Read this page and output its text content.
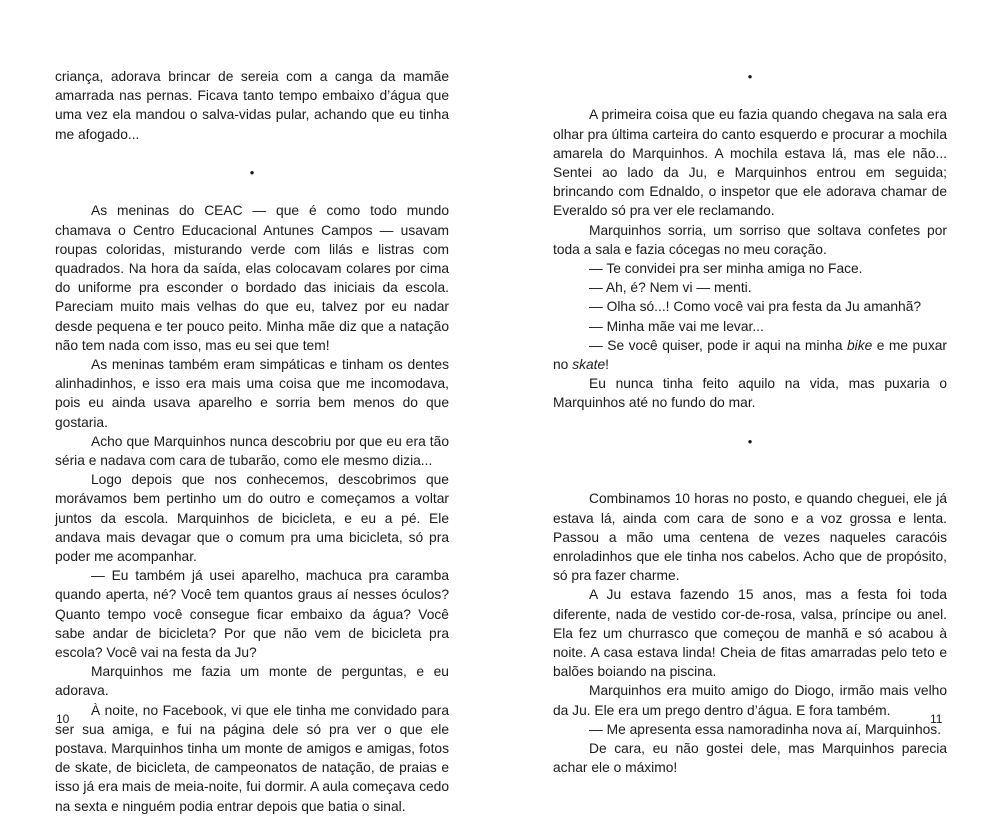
criança, adorava brincar de sereia com a canga da mamãe amarrada nas pernas. Ficava tanto tempo embaixo d’água que uma vez ela mandou o salva-vidas pular, achando que eu tinha me afogado...

•

As meninas do CEAC — que é como todo mundo chamava o Centro Educacional Antunes Campos — usavam roupas coloridas, misturando verde com lilás e listras com quadrados. Na hora da saída, elas colocavam colares por cima do uniforme pra esconder o bordado das iniciais da escola. Pareciam muito mais velhas do que eu, talvez por eu nadar desde pequena e ter pouco peito. Minha mãe diz que a natação não tem nada com isso, mas eu sei que tem!

As meninas também eram simpáticas e tinham os dentes alinhadinhos, e isso era mais uma coisa que me incomodava, pois eu ainda usava aparelho e sorria bem menos do que gostaria.

Acho que Marquinhos nunca descobriu por que eu era tão séria e nadava com cara de tubarão, como ele mesmo dizia...

Logo depois que nos conhecemos, descobrimos que morávamos bem pertinho um do outro e começamos a voltar juntos da escola. Marquinhos de bicicleta, e eu a pé. Ele andava mais devagar que o comum pra uma bicicleta, só pra poder me acompanhar.

— Eu também já usei aparelho, machuca pra caramba quando aperta, né? Você tem quantos graus aí nesses óculos? Quanto tempo você consegue ficar embaixo da água? Você sabe andar de bicicleta? Por que não vem de bicicleta pra escola? Você vai na festa da Ju?

Marquinhos me fazia um monte de perguntas, e eu adorava.

À noite, no Facebook, vi que ele tinha me convidado para ser sua amiga, e fui na página dele só pra ver o que ele postava. Marquinhos tinha um monte de amigos e amigas, fotos de skate, de bicicleta, de campeonatos de natação, de praias e isso já era mais de meia-noite, fui dormir. A aula começava cedo na sexta e ninguém podia entrar depois que batia o sinal.

10
•

A primeira coisa que eu fazia quando chegava na sala era olhar pra última carteira do canto esquerdo e procurar a mochila amarela do Marquinhos. A mochila estava lá, mas ele não... Sentei ao lado da Ju, e Marquinhos entrou em seguida; brincando com Ednaldo, o inspetor que ele adorava chamar de Everaldo só pra ver ele reclamando.

Marquinhos sorria, um sorriso que soltava confetes por toda a sala e fazia cócegas no meu coração.

— Te convidei pra ser minha amiga no Face.

— Ah, é? Nem vi — menti.

— Olha só...! Como você vai pra festa da Ju amanhã?

— Minha mãe vai me levar...

— Se você quiser, pode ir aqui na minha bike e me puxar no skate!

Eu nunca tinha feito aquilo na vida, mas puxaria o Marquinhos até no fundo do mar.

•

Combinamos 10 horas no posto, e quando cheguei, ele já estava lá, ainda com cara de sono e a voz grossa e lenta. Passou a mão uma centena de vezes naqueles caracóis enroladinhos que ele tinha nos cabelos. Acho que de propósito, só pra fazer charme.

A Ju estava fazendo 15 anos, mas a festa foi toda diferente, nada de vestido cor-de-rosa, valsa, príncipe ou anel. Ela fez um churrasco que começou de manhã e só acabou à noite. A casa estava linda! Cheia de fitas amarradas pelo teto e balões boiando na piscina.

Marquinhos era muito amigo do Diogo, irmão mais velho da Ju. Ele era um prego dentro d’água. E fora também.

— Me apresenta essa namoradinha nova aí, Marquinhos.

De cara, eu não gostei dele, mas Marquinhos parecia achar ele o máximo!

11
